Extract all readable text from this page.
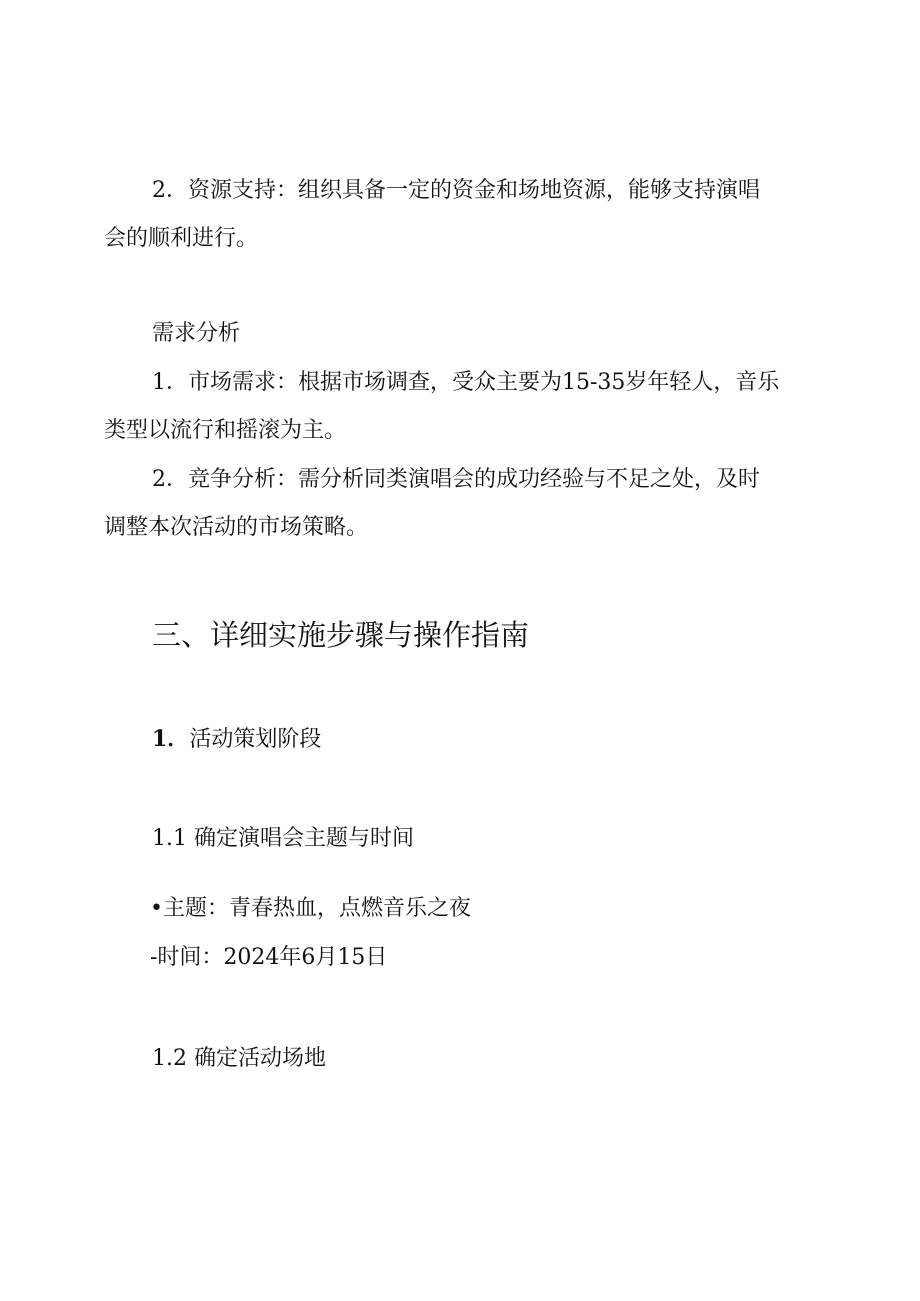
2．资源支持：组织具备一定的资金和场地资源，能够支持演唱
会的顺利进行。

需求分析

1．市场需求：根据市场调查，受众主要为15-35岁年轻人，音乐
类型以流行和摇滚为主。

2．竞争分析：需分析同类演唱会的成功经验与不足之处，及时
调整本次活动的市场策略。

三、详细实施步骤与操作指南

1．活动策划阶段

1.1 确定演唱会主题与时间

•主题：青春热血，点燃音乐之夜

-时间：2024年6月15日

1.2 确定活动场地
